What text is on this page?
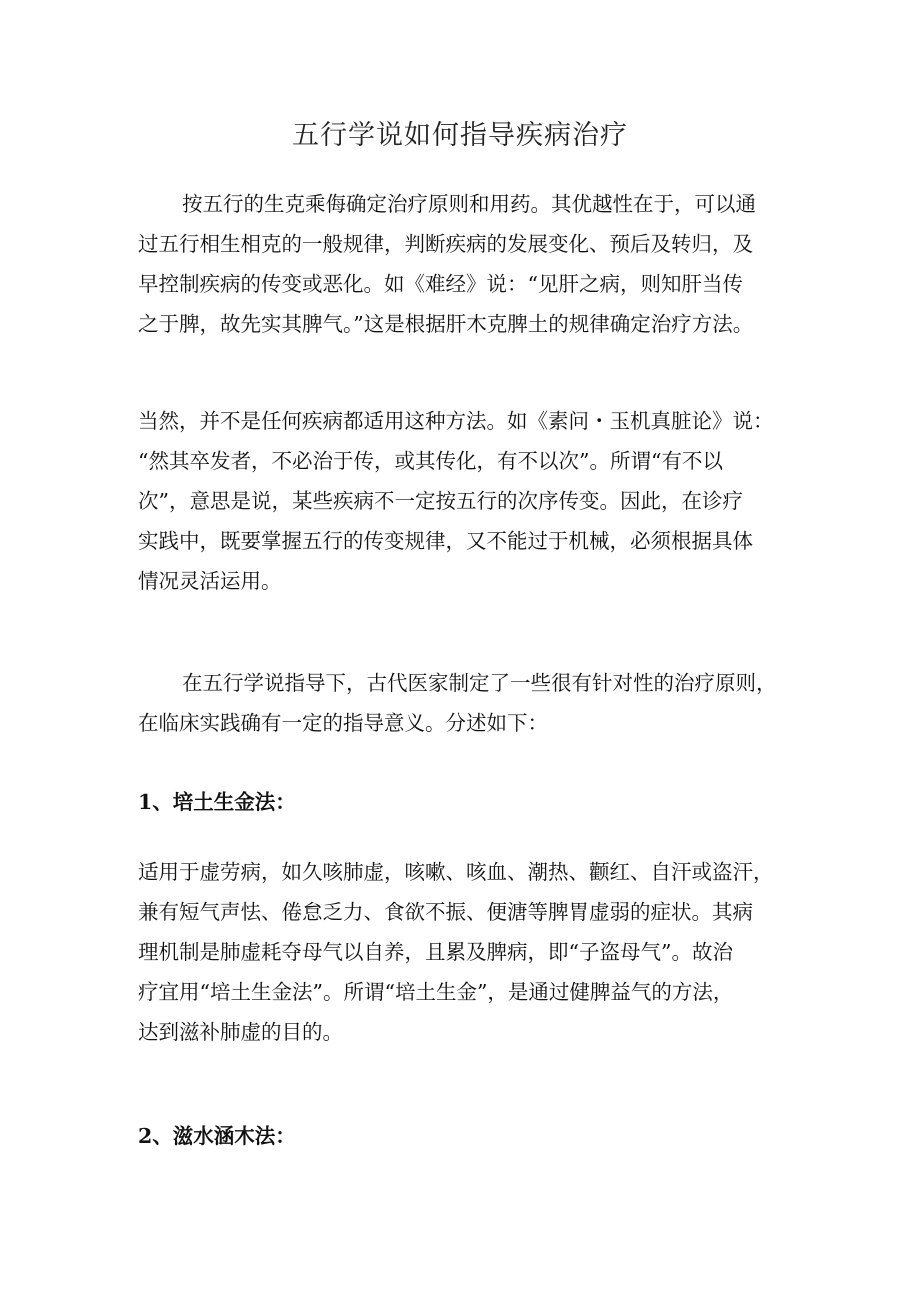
五行学说如何指导疾病治疗

按五行的生克乘侮确定治疗原则和用药。其优越性在于，可以通
过五行相生相克的一般规律，判断疾病的发展变化、预后及转归，及
早控制疾病的传变或恶化。如《难经》说：“见肝之病，则知肝当传
之于脾，故先实其脾气。”这是根据肝木克脾土的规律确定治疗方法。

当然，并不是任何疾病都适用这种方法。如《素问・玉机真脏论》说：
“然其卒发者，不必治于传，或其传化，有不以次”。所谓“有不以
次”，意思是说，某些疾病不一定按五行的次序传变。因此，在诊疗
实践中，既要掌握五行的传变规律，又不能过于机械，必须根据具体
情况灵活运用。

在五行学说指导下，古代医家制定了一些很有针对性的治疗原则，
在临床实践确有一定的指导意义。分述如下：

1、培土生金法：

适用于虚劳病，如久咳肺虚，咳嗽、咳血、潮热、颧红、自汗或盗汗，
兼有短气声怯、倦怠乏力、食欲不振、便溏等脾胃虚弱的症状。其病
理机制是肺虚耗夺母气以自养，且累及脾病，即“子盗母气”。故治
疗宜用“培土生金法”。所谓“培土生金”，是通过健脾益气的方法，
达到滋补肺虚的目的。

2、滋水涵木法：
